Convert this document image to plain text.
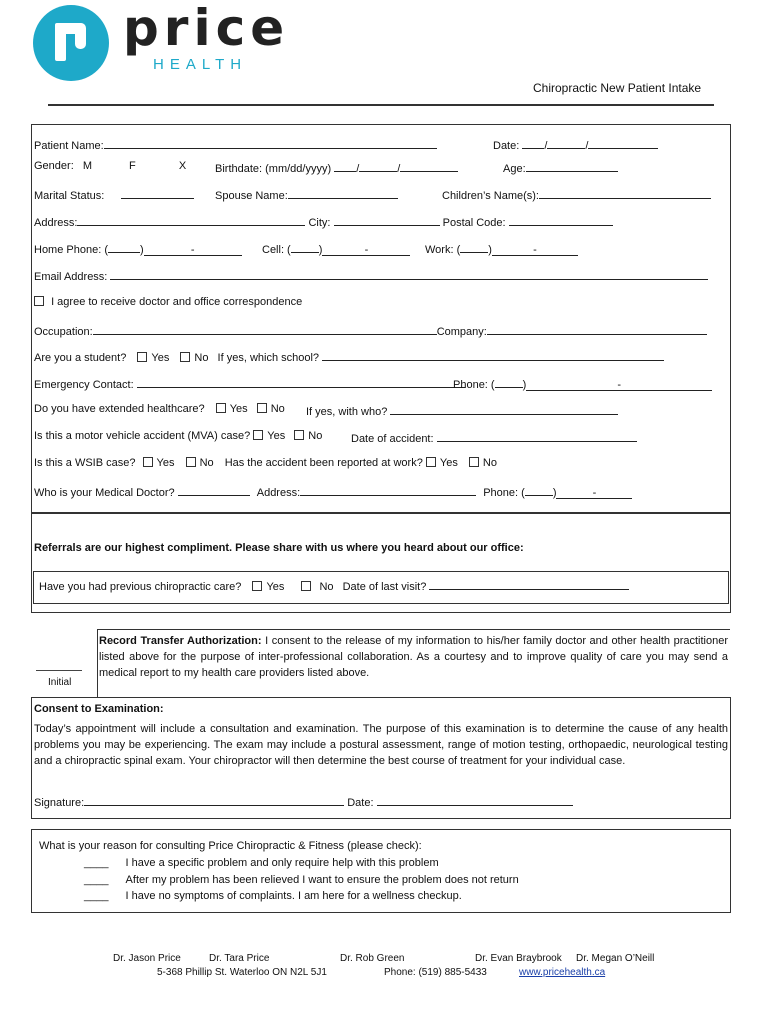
price
HEALTH
Chiropractic New Patient Intake
Patient Name:	Date: /	/
Gender: M	F	X	Birthdate: (mm/dd/yyyy) /	/	Age:
Marital Status:	Spouse Name:	Children’s Name(s):
Address:	City:	Postal Code:
Home Phone: (	)	-	Cell: (	)	-	Work: (	)	-
Email Address:
I agree to receive doctor and office correspondence
Occupation:	Company:
Are you a student? Yes No If yes, which school?
Emergency Contact:	Phone: (	)	-
Do you have extended healthcare? Yes No If yes, with who?
Is this a motor vehicle accident (MVA) case? Yes No	Date of accident:
Is this a WSIB case? Yes No Has the accident been reported at work? Yes No
Who is your Medical Doctor?	Address:	Phone: (	)	-
Referrals are our highest compliment. Please share with us where you heard about our office:
Have you had previous chiropractic care? Yes	No Date of last visit?
Initial
Record Transfer Authorization: I consent to the release of my information to his/her family doctor and other health practitioner listed above for the purpose of inter-professional collaboration. As a courtesy and to improve quality of care you may send a medical report to my health care providers listed above.
Consent to Examination:
Today’s appointment will include a consultation and examination. The purpose of this examination is to determine the cause of any health problems you may be experiencing. The exam may include a postural assessment, range of motion testing, orthopaedic, neurological testing and a chiropractic spinal exam. Your chiropractor will then determine the best course of treatment for your individual case.
Signature:	Date:
What is your reason for consulting Price Chiropractic & Fitness (please check):
____ I have a specific problem and only require help with this problem
____ After my problem has been relieved I want to ensure the problem does not return
____ I have no symptoms of complaints. I am here for a wellness checkup.
Dr. Jason Price	Dr. Tara Price	Dr. Rob Green	Dr. Evan Braybrook Dr. Megan O’Neill
5-368 Phillip St. Waterloo ON N2L 5J1	Phone: (519) 885-5433	www.pricehealth.ca
